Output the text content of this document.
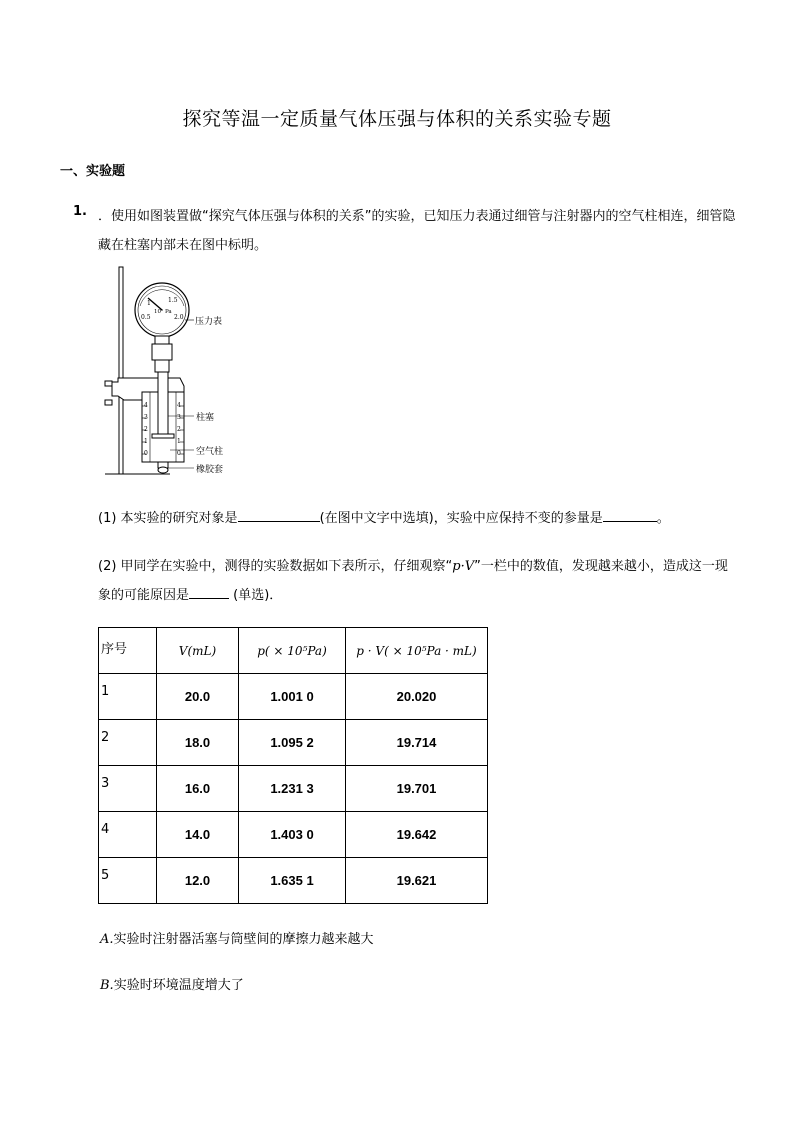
探究等温一定质量气体压强与体积的关系实验专题
一、实验题
1. ．使用如图装置做“探究气体压强与体积的关系”的实验，已知压力表通过细管与注射器内的空气柱相连，细管隐藏在柱塞内部未在图中标明。
1	1.5
0.5	2.0
10⁵ Pa
压力表
4
3
2
1
0
4
3
2
1
0
柱塞
空气柱
橡胶套
(1) 本实验的研究对象是	(在图中文字中选填)，实验中应保持不变的参量是	。
(2) 甲同学在实验中，测得的实验数据如下表所示，仔细观察“p·V”一栏中的数值，发现越来越小，造成这一现象的可能原因是	(单选)．
序号	V(mL)	p( × 10⁵Pa)	p · V( × 10⁵Pa · mL)
1	20.0	1.001 0	20.020
2	18.0	1.095 2	19.714
3	16.0	1.231 3	19.701
4	14.0	1.403 0	19.642
5	12.0	1.635 1	19.621
A.实验时注射器活塞与筒壁间的摩擦力越来越大
B.实验时环境温度增大了
